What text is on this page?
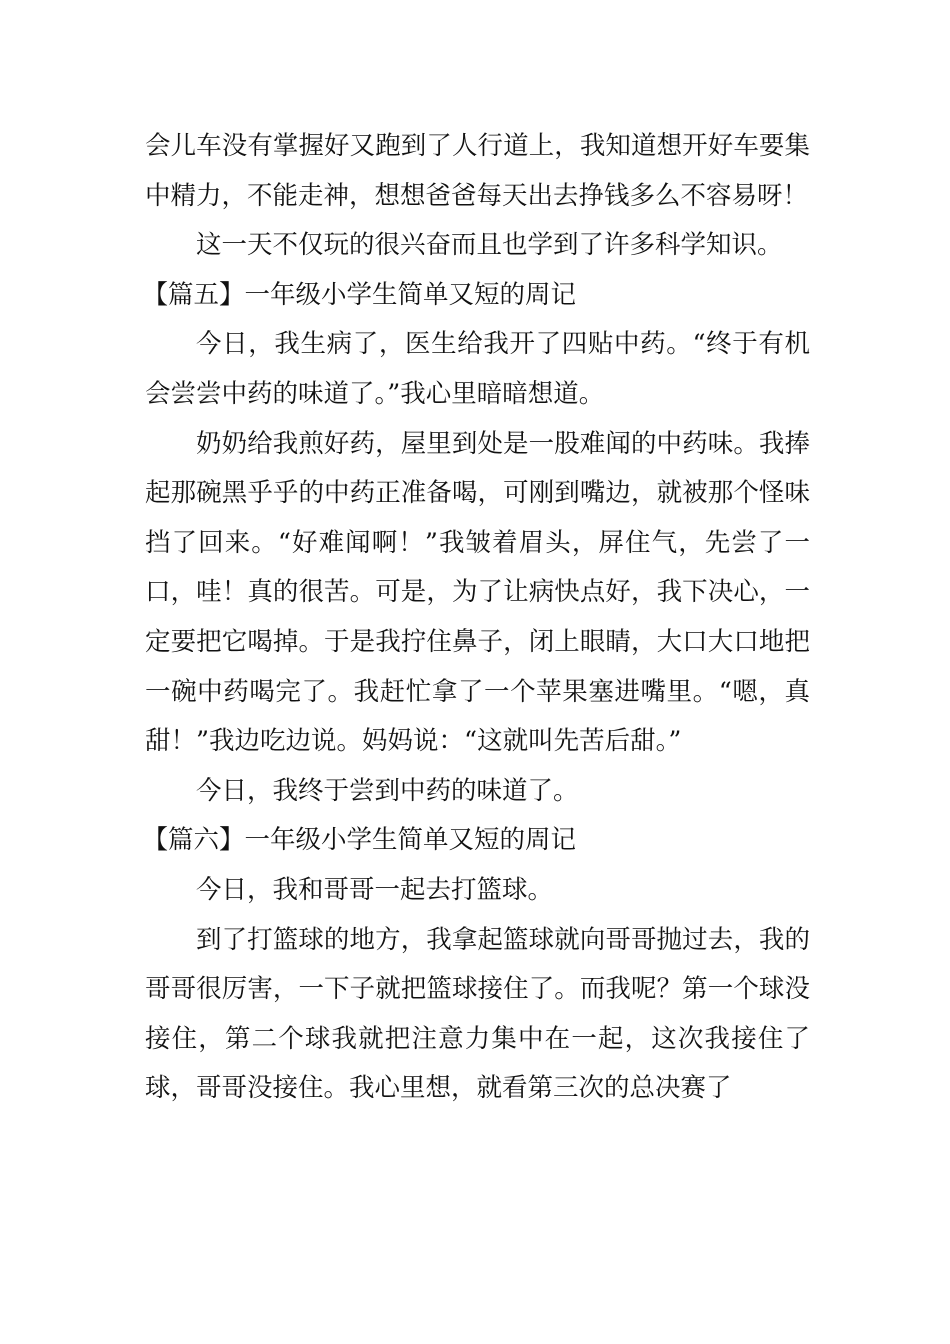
会儿车没有掌握好又跑到了人行道上，我知道想开好车要集中精力，不能走神，想想爸爸每天出去挣钱多么不容易呀！

这一天不仅玩的很兴奋而且也学到了许多科学知识。

【篇五】一年级小学生简单又短的周记

今日，我生病了，医生给我开了四贴中药。“终于有机会尝尝中药的味道了。”我心里暗暗想道。

奶奶给我煎好药，屋里到处是一股难闻的中药味。我捧起那碗黑乎乎的中药正准备喝，可刚到嘴边，就被那个怪味挡了回来。“好难闻啊！”我皱着眉头，屏住气，先尝了一口，哇！真的很苦。可是，为了让病快点好，我下决心，一定要把它喝掉。于是我拧住鼻子，闭上眼睛，大口大口地把一碗中药喝完了。我赶忙拿了一个苹果塞进嘴里。“嗯，真甜！”我边吃边说。妈妈说：“这就叫先苦后甜。”

今日，我终于尝到中药的味道了。

【篇六】一年级小学生简单又短的周记

今日，我和哥哥一起去打篮球。

到了打篮球的地方，我拿起篮球就向哥哥抛过去，我的哥哥很厉害，一下子就把篮球接住了。而我呢？第一个球没接住，第二个球我就把注意力集中在一起，这次我接住了球，哥哥没接住。我心里想，就看第三次的总决赛了
